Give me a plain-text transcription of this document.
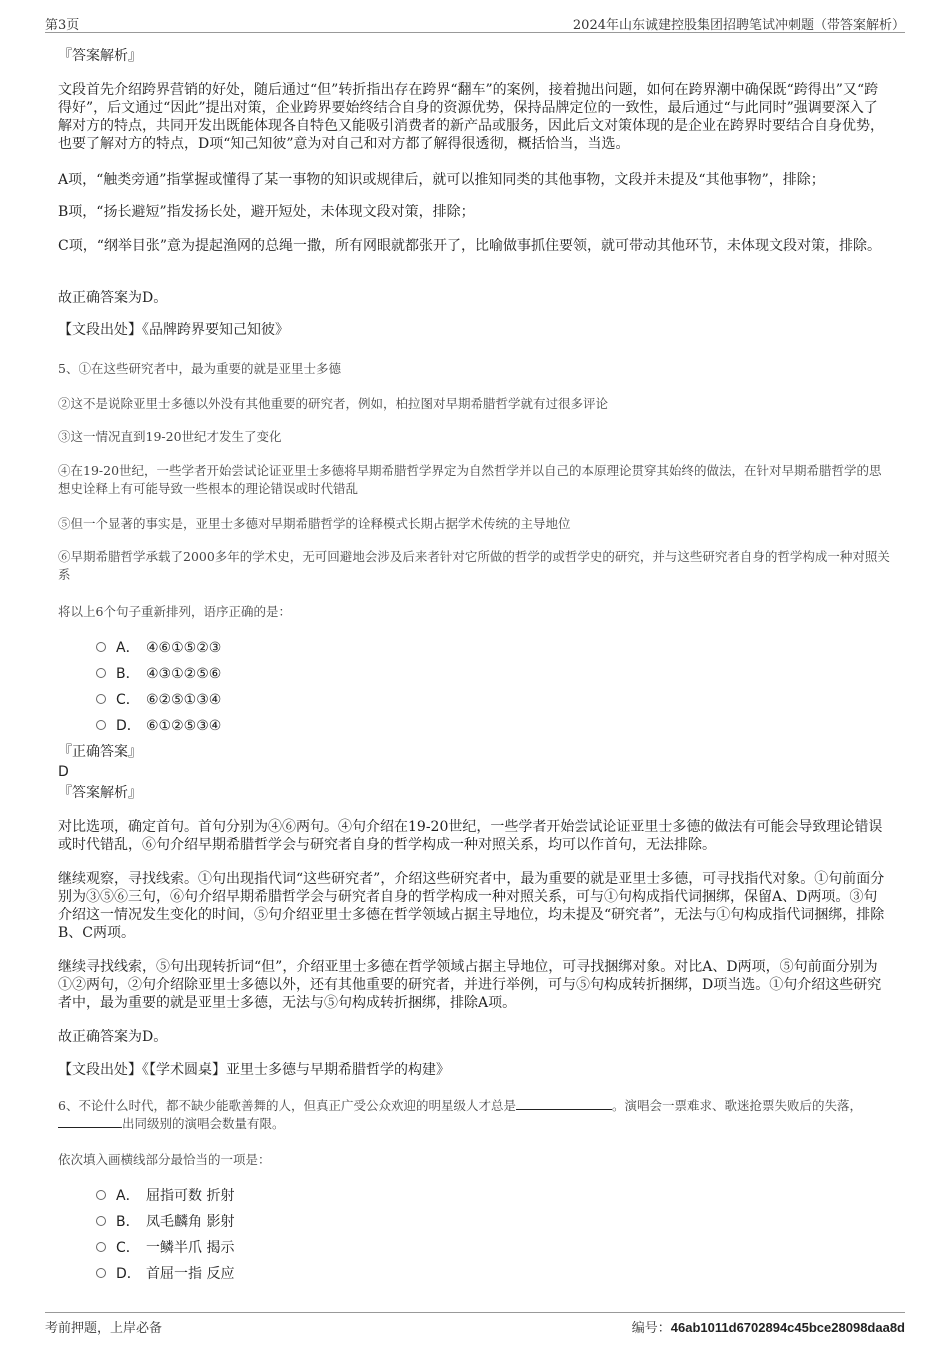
第3页	2024年山东诚建控股集团招聘笔试冲刺题（带答案解析）

『答案解析』

文段首先介绍跨界营销的好处，随后通过“但”转折指出存在跨界“翻车”的案例，接着抛出问题，如何在跨界潮中确保既“跨得出”又“跨得好”，后文通过“因此”提出对策，企业跨界要始终结合自身的资源优势，保持品牌定位的一致性，最后通过“与此同时”强调要深入了解对方的特点，共同开发出既能体现各自特色又能吸引消费者的新产品或服务，因此后文对策体现的是企业在跨界时要结合自身优势，也要了解对方的特点，D项“知己知彼”意为对自己和对方都了解得很透彻，概括恰当，当选。

A项，“触类旁通”指掌握或懂得了某一事物的知识或规律后，就可以推知同类的其他事物，文段并未提及“其他事物”，排除；

B项，“扬长避短”指发扬长处，避开短处，未体现文段对策，排除；

C项，“纲举目张”意为提起渔网的总绳一撒，所有网眼就都张开了，比喻做事抓住要领，就可带动其他环节，未体现文段对策，排除。

故正确答案为D。

【文段出处】《品牌跨界要知己知彼》

5、①在这些研究者中，最为重要的就是亚里士多德

②这不是说除亚里士多德以外没有其他重要的研究者，例如，柏拉图对早期希腊哲学就有过很多评论

③这一情况直到19-20世纪才发生了变化

④在19-20世纪，一些学者开始尝试论证亚里士多德将早期希腊哲学界定为自然哲学并以自己的本原理论贯穿其始终的做法，在针对早期希腊哲学的思想史诠释上有可能导致一些根本的理论错误或时代错乱

⑤但一个显著的事实是，亚里士多德对早期希腊哲学的诠释模式长期占据学术传统的主导地位

⑥早期希腊哲学承载了2000多年的学术史，无可回避地会涉及后来者针对它所做的哲学的或哲学史的研究，并与这些研究者自身的哲学构成一种对照关系

将以上6个句子重新排列，语序正确的是：

A． ④⑥①⑤②③
B． ④③①②⑤⑥
C． ⑥②⑤①③④
D． ⑥①②⑤③④

『正确答案』

D

『答案解析』

对比选项，确定首句。首句分别为④⑥两句。④句介绍在19-20世纪，一些学者开始尝试论证亚里士多德的做法有可能会导致理论错误或时代错乱，⑥句介绍早期希腊哲学会与研究者自身的哲学构成一种对照关系，均可以作首句，无法排除。

继续观察，寻找线索。①句出现指代词“这些研究者”，介绍这些研究者中，最为重要的就是亚里士多德，可寻找指代对象。①句前面分别为③⑤⑥三句，⑥句介绍早期希腊哲学会与研究者自身的哲学构成一种对照关系，可与①句构成指代词捆绑，保留A、D两项。③句介绍这一情况发生变化的时间，⑤句介绍亚里士多德在哲学领域占据主导地位，均未提及“研究者”，无法与①句构成指代词捆绑，排除B、C两项。

继续寻找线索，⑤句出现转折词“但”，介绍亚里士多德在哲学领域占据主导地位，可寻找捆绑对象。对比A、D两项，⑤句前面分别为①②两句，②句介绍除亚里士多德以外，还有其他重要的研究者，并进行举例，可与⑤句构成转折捆绑，D项当选。①句介绍这些研究者中，最为重要的就是亚里士多德，无法与⑤句构成转折捆绑，排除A项。

故正确答案为D。

【文段出处】《【学术圆桌】亚里士多德与早期希腊哲学的构建》

6、不论什么时代，都不缺少能歌善舞的人，但真正广受公众欢迎的明星级人才总是	。演唱会一票难求、歌迷抢票失败后的失落，出同级别的演唱会数量有限。

依次填入画横线部分最恰当的一项是：

A． 屈指可数 折射
B． 凤毛麟角 影射
C． 一鳞半爪 揭示
D． 首屈一指 反应
考前押题，上岸必备	编号：46ab1011d6702894c45bce28098daa8d
